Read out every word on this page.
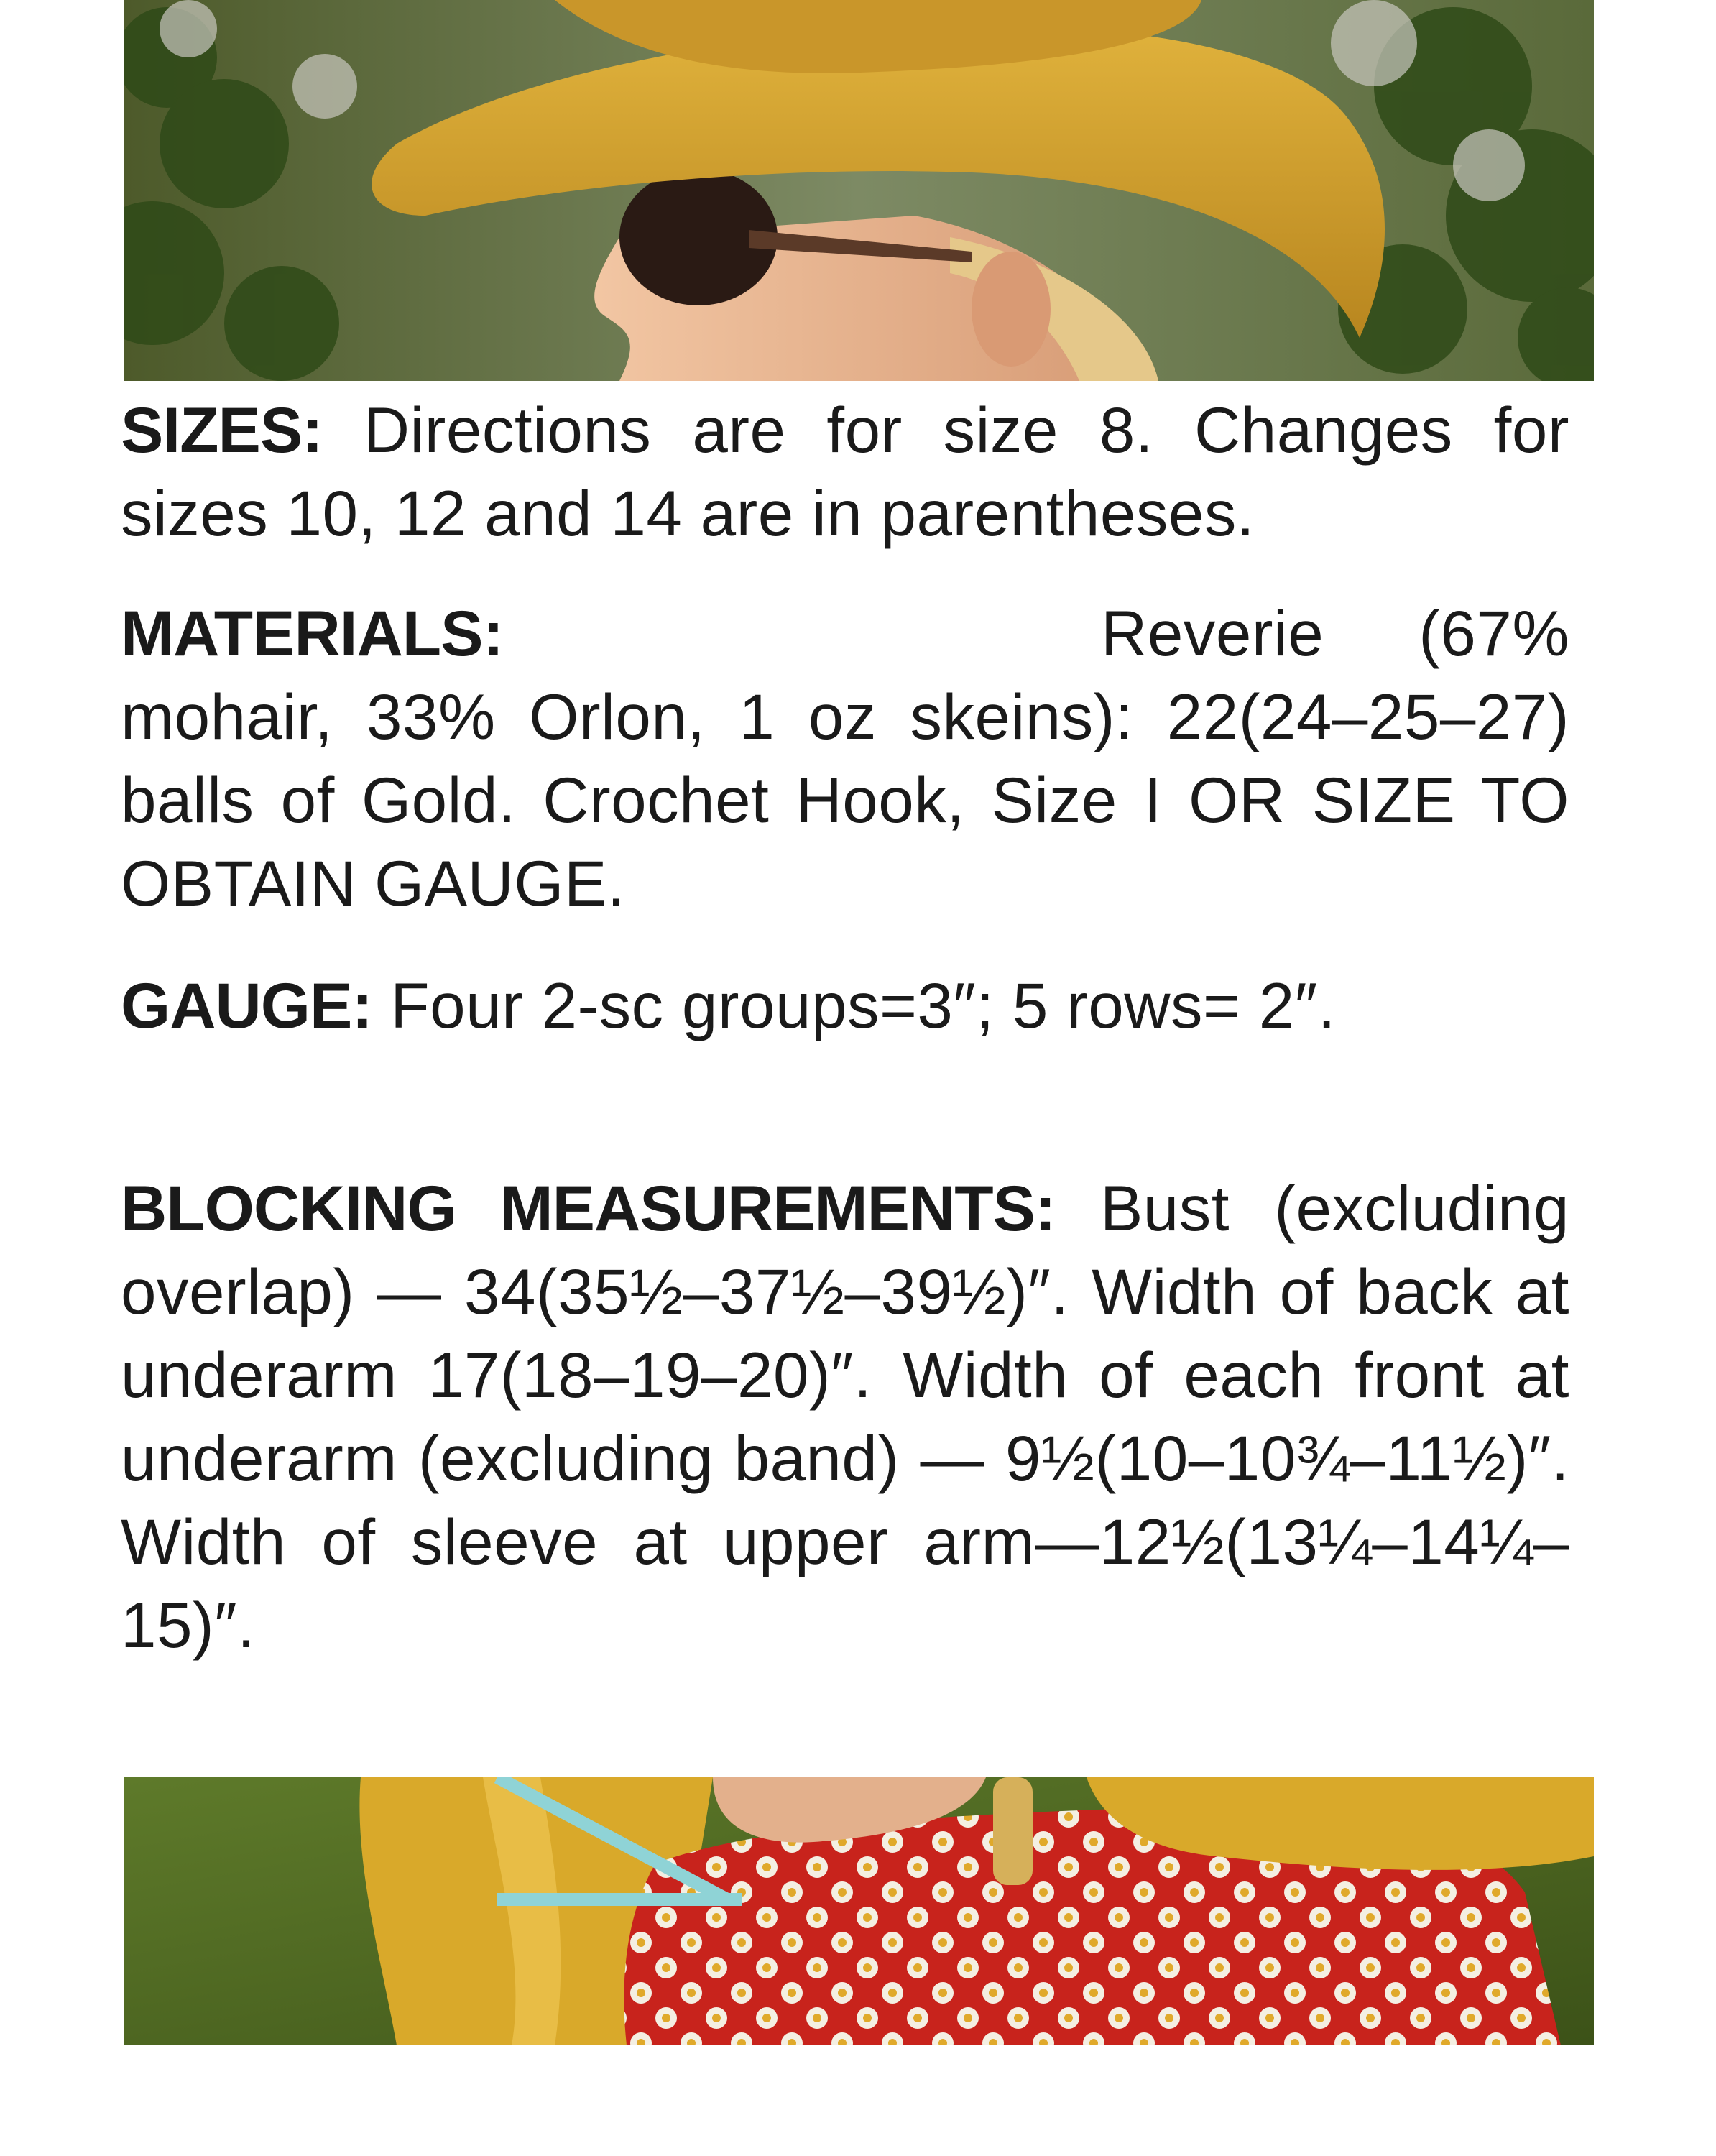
SIZES: Directions are for size 8. Changes for sizes 10, 12 and 14 are in parentheses.
MATERIALS:	Reverie (67% mohair, 33% Orlon, 1 oz skeins): 22(24–25–27) balls of Gold. Crochet Hook, Size I OR SIZE TO OBTAIN GAUGE.
GAUGE: Four 2-sc groups=3″; 5 rows= 2″.
BLOCKING MEASUREMENTS: Bust (excluding overlap) — 34(35½–37½–39½)″. Width of back at underarm 17(18–19–20)″. Width of each front at underarm (excluding band) — 9½(10–10¾–11½)″. Width of sleeve at upper arm—12½(13¼–14¼–15)″.
